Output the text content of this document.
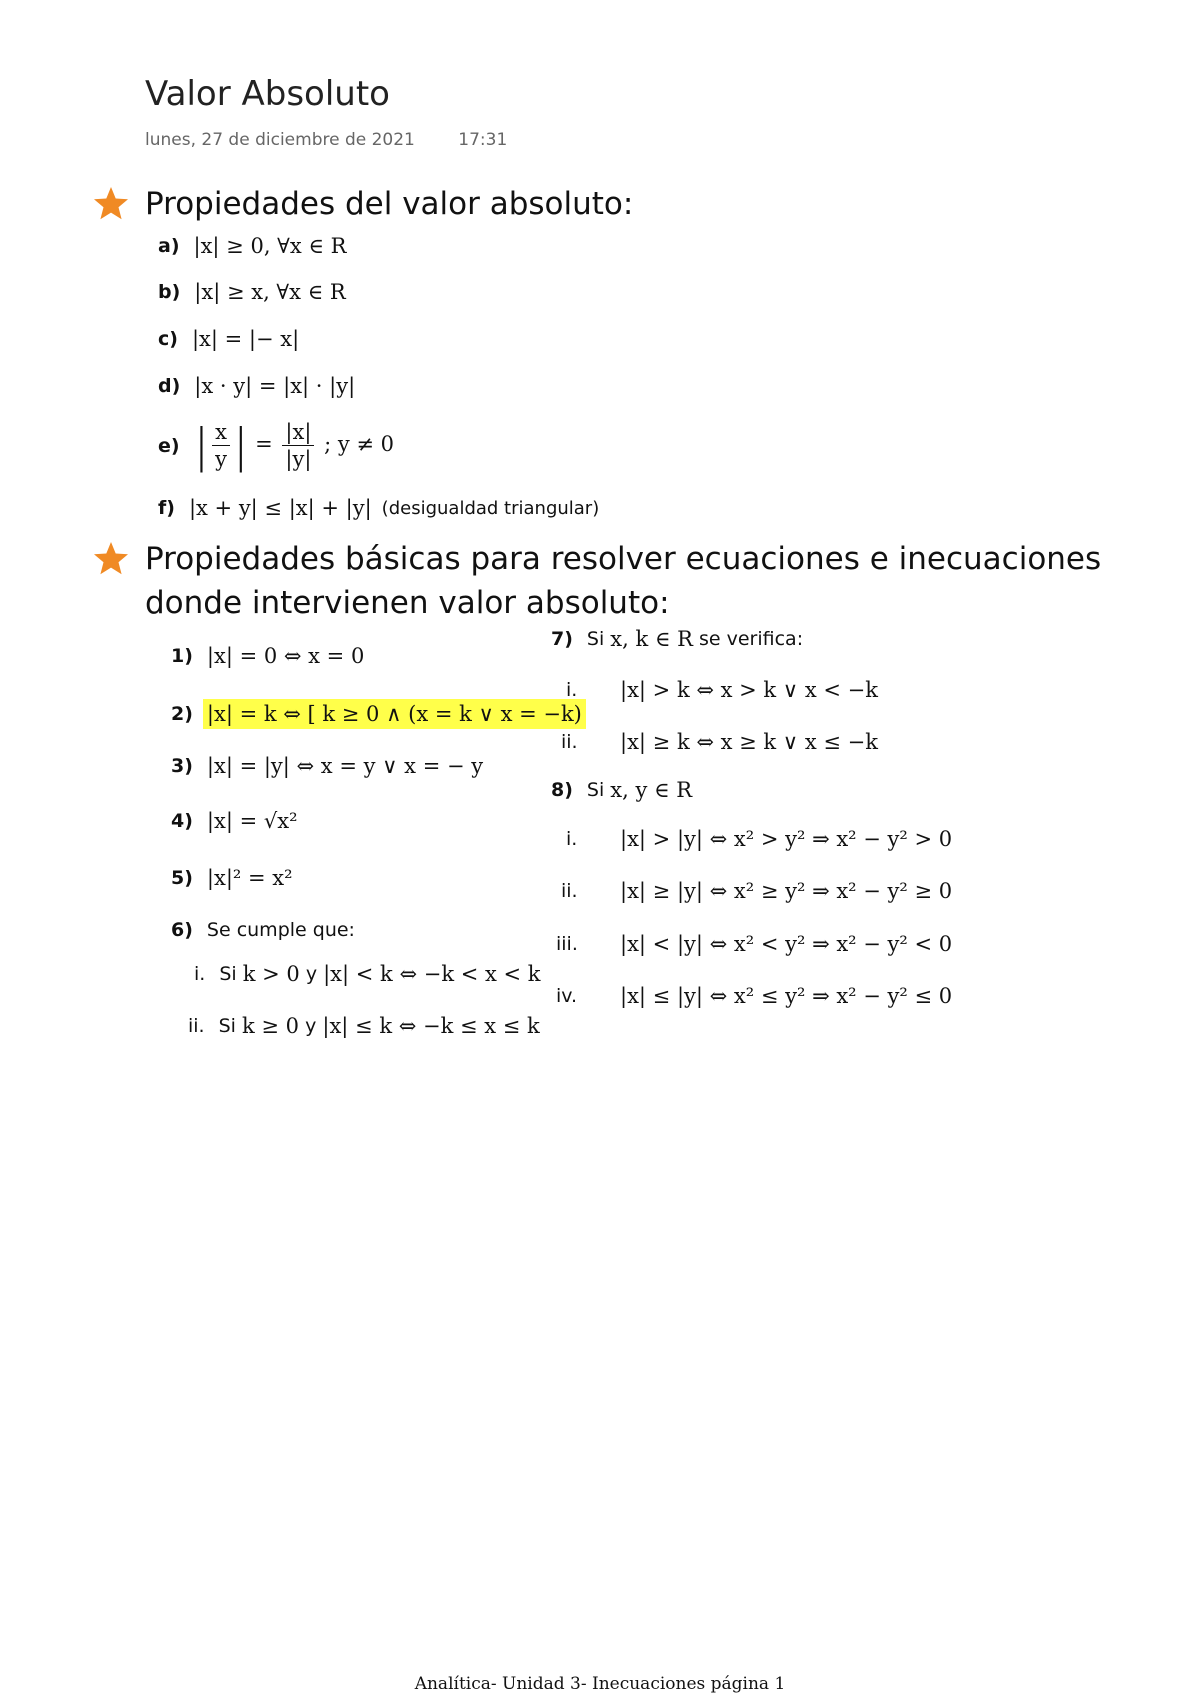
Valor Absoluto
lunes, 27 de diciembre de 2021	17:31
Propiedades del valor absoluto:
a) |x| ≥ 0, ∀x ∈ R
b) |x| ≥ x, ∀x ∈ R
c) |x| = |− x|
d) |x · y| = |x| · |y|
e) | $\frac{x}{y}$ | = $\frac{|x|}{|y|}$ ; y ≠ 0
f) |x + y| ≤ |x| + |y| (desigualdad triangular)
Propiedades básicas para resolver ecuaciones e inecuaciones
donde intervienen valor absoluto:
1) |x| = 0 ⇔ x = 0
2) |x| = k ⇔ [ k ≥ 0 ∧ (x = k ∨ x = −k)
3) |x| = |y| ⇔ x = y ∨ x = − y
4) |x| = √x²
5) |x|² = x²
6) Se cumple que:
i. Si
k > 0
y
|x| < k ⇔ −k < x < k
ii. Si
k ≥ 0
y
|x| ≤ k ⇔ −k ≤ x ≤ k
7) Si
x, k ∈ R
se verifica:
i.	|x| > k ⇔ x > k ∨ x < −k
ii.	|x| ≥ k ⇔ x ≥ k ∨ x ≤ −k
8) Si
x, y ∈ R
i.	|x| > |y| ⇔ x² > y² ⇒ x² − y² > 0
ii.	|x| ≥ |y| ⇔ x² ≥ y² ⇒ x² − y² ≥ 0
iii.	|x| < |y| ⇔ x² < y² ⇒ x² − y² < 0
iv.	|x| ≤ |y| ⇔ x² ≤ y² ⇒ x² − y² ≤ 0
Analítica- Unidad 3- Inecuaciones página 1
